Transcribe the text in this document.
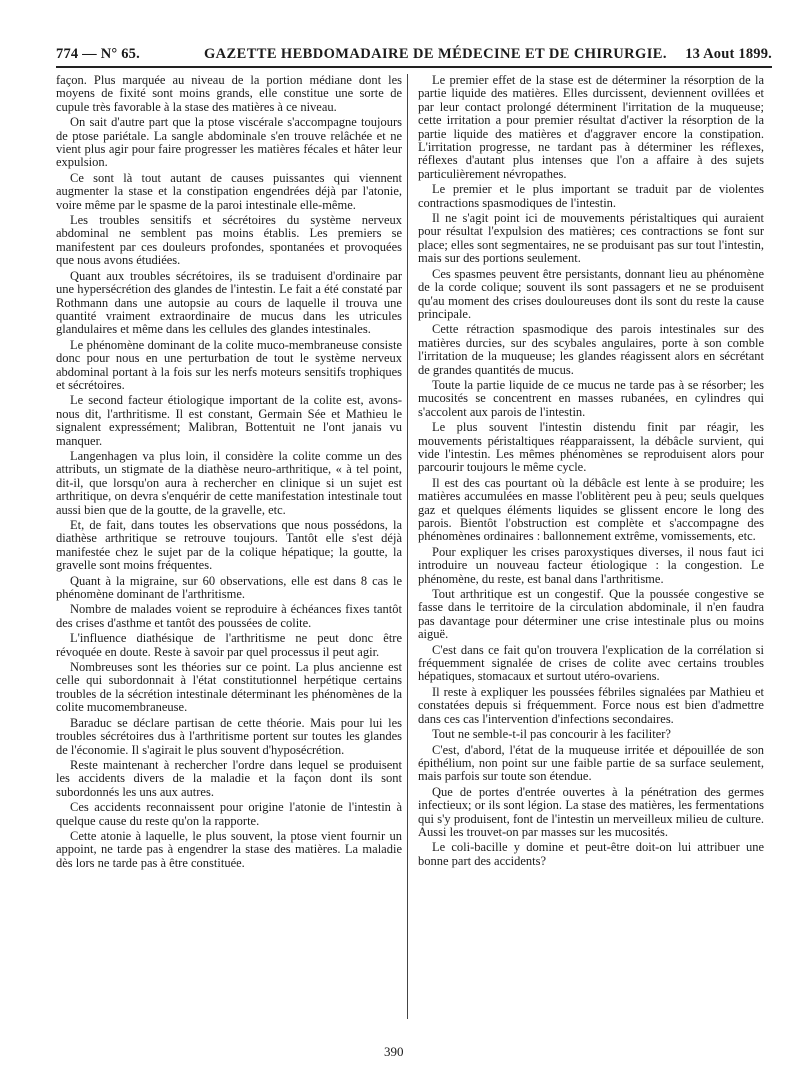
774 — N° 65.	GAZETTE HEBDOMADAIRE DE MÉDECINE ET DE CHIRURGIE. 13 Aout 1899.

façon. Plus marquée au niveau de la portion médiane dont les moyens de fixité sont moins grands, elle constitue une sorte de cupule très favorable à la stase des matières à ce niveau.

On sait d'autre part que la ptose viscérale s'accompagne toujours de ptose pariétale. La sangle abdominale s'en trouve relâchée et ne vient plus agir pour faire progresser les matières fécales et hâter leur expulsion.

Ce sont là tout autant de causes puissantes qui viennent augmenter la stase et la constipation engendrées déjà par l'atonie, voire même par le spasme de la paroi intestinale elle-même.

Les troubles sensitifs et sécrétoires du système nerveux abdominal ne semblent pas moins établis. Les premiers se manifestent par ces douleurs profondes, spontanées et provoquées que nous avons étudiées.

Quant aux troubles sécrétoires, ils se traduisent d'ordinaire par une hypersécrétion des glandes de l'intestin. Le fait a été constaté par Rothmann dans une autopsie au cours de laquelle il trouva une quantité vraiment extraordinaire de mucus dans les utricules glandulaires et même dans les cellules des glandes intestinales.

Le phénomène dominant de la colite muco-membraneuse consiste donc pour nous en une perturbation de tout le système nerveux abdominal portant à la fois sur les nerfs moteurs sensitifs trophiques et sécrétoires.

Le second facteur étiologique important de la colite est, avons-nous dit, l'arthritisme. Il est constant, Germain Sée et Mathieu le signalent expressément; Malibran, Bottentuit ne l'ont janais vu manquer.

Langenhagen va plus loin, il considère la colite comme un des attributs, un stigmate de la diathèse neuro-arthritique, « à tel point, dit-il, que lorsqu'on aura à rechercher en clinique si un sujet est arthritique, on devra s'enquérir de cette manifestation intestinale tout aussi bien que de la goutte, de la gravelle, etc.

Et, de fait, dans toutes les observations que nous possédons, la diathèse arthritique se retrouve toujours. Tantôt elle s'est déjà manifestée chez le sujet par de la colique hépatique; la goutte, la gravelle sont moins fréquentes.

Quant à la migraine, sur 60 observations, elle est dans 8 cas le phénomène dominant de l'arthritisme.

Nombre de malades voient se reproduire à échéances fixes tantôt des crises d'asthme et tantôt des poussées de colite.

L'influence diathésique de l'arthritisme ne peut donc être révoquée en doute. Reste à savoir par quel processus il peut agir.

Nombreuses sont les théories sur ce point. La plus ancienne est celle qui subordonnait à l'état constitutionnel herpétique certains troubles de la sécrétion intestinale déterminant les phénomènes de la colite mucomembraneuse.

Baraduc se déclare partisan de cette théorie. Mais pour lui les troubles sécrétoires dus à l'arthritisme portent sur toutes les glandes de l'économie. Il s'agirait le plus souvent d'hyposécrétion.

Reste maintenant à rechercher l'ordre dans lequel se produisent les accidents divers de la maladie et la façon dont ils sont subordonnés les uns aux autres.

Ces accidents reconnaissent pour origine l'atonie de l'intestin à quelque cause du reste qu'on la rapporte.

Cette atonie à laquelle, le plus souvent, la ptose vient fournir un appoint, ne tarde pas à engendrer la stase des matières. La maladie dès lors ne tarde pas à être constituée.

Le premier effet de la stase est de déterminer la résorption de la partie liquide des matières. Elles durcissent, deviennent ovillées et par leur contact prolongé déterminent l'irritation de la muqueuse; cette irritation a pour premier résultat d'activer la résorption de la partie liquide des matières et d'aggraver encore la constipation. L'irritation progresse, ne tardant pas à déterminer les réflexes, réflexes d'autant plus intenses que l'on a affaire à des sujets particulièrement névropathes.

Le premier et le plus important se traduit par de violentes contractions spasmodiques de l'intestin.

Il ne s'agit point ici de mouvements péristaltiques qui auraient pour résultat l'expulsion des matières; ces contractions se font sur place; elles sont segmentaires, ne se produisant pas sur tout l'intestin, mais sur des portions seulement.

Ces spasmes peuvent être persistants, donnant lieu au phénomène de la corde colique; souvent ils sont passagers et ne se produisent qu'au moment des crises douloureuses dont ils sont du reste la cause principale.

Cette rétraction spasmodique des parois intestinales sur des matières durcies, sur des scybales angulaires, porte à son comble l'irritation de la muqueuse; les glandes réagissent alors en sécrétant de grandes quantités de mucus.

Toute la partie liquide de ce mucus ne tarde pas à se résorber; les mucosités se concentrent en masses rubanées, en cylindres qui s'accolent aux parois de l'intestin.

Le plus souvent l'intestin distendu finit par réagir, les mouvements péristaltiques réapparaissent, la débâcle survient, qui vide l'intestin. Les mêmes phénomènes se reproduisent alors pour parcourir toujours le même cycle.

Il est des cas pourtant où la débâcle est lente à se produire; les matières accumulées en masse l'oblitèrent peu à peu; seuls quelques gaz et quelques éléments liquides se glissent encore le long des parois. Bientôt l'obstruction est complète et s'accompagne des phénomènes ordinaires : ballonnement extrême, vomissements, etc.

Pour expliquer les crises paroxystiques diverses, il nous faut ici introduire un nouveau facteur étiologique : la congestion. Le phénomène, du reste, est banal dans l'arthritisme.

Tout arthritique est un congestif. Que la poussée congestive se fasse dans le territoire de la circulation abdominale, il n'en faudra pas davantage pour déterminer une crise intestinale plus ou moins aiguë.

C'est dans ce fait qu'on trouvera l'explication de la corrélation si fréquemment signalée de crises de colite avec certains troubles hépatiques, stomacaux et surtout utéro-ovariens.

Il reste à expliquer les poussées fébriles signalées par Mathieu et constatées depuis si fréquemment. Force nous est bien d'admettre dans ces cas l'intervention d'infections secondaires.

Tout ne semble-t-il pas concourir à les faciliter?

C'est, d'abord, l'état de la muqueuse irritée et dépouillée de son épithélium, non point sur une faible partie de sa surface seulement, mais parfois sur toute son étendue.

Que de portes d'entrée ouvertes à la pénétration des germes infectieux; or ils sont légion. La stase des matières, les fermentations qui s'y produisent, font de l'intestin un merveilleux milieu de culture. Aussi les trouvet-on par masses sur les mucosités.

Le coli-bacille y domine et peut-être doit-on lui attribuer une bonne part des accidents?

390
